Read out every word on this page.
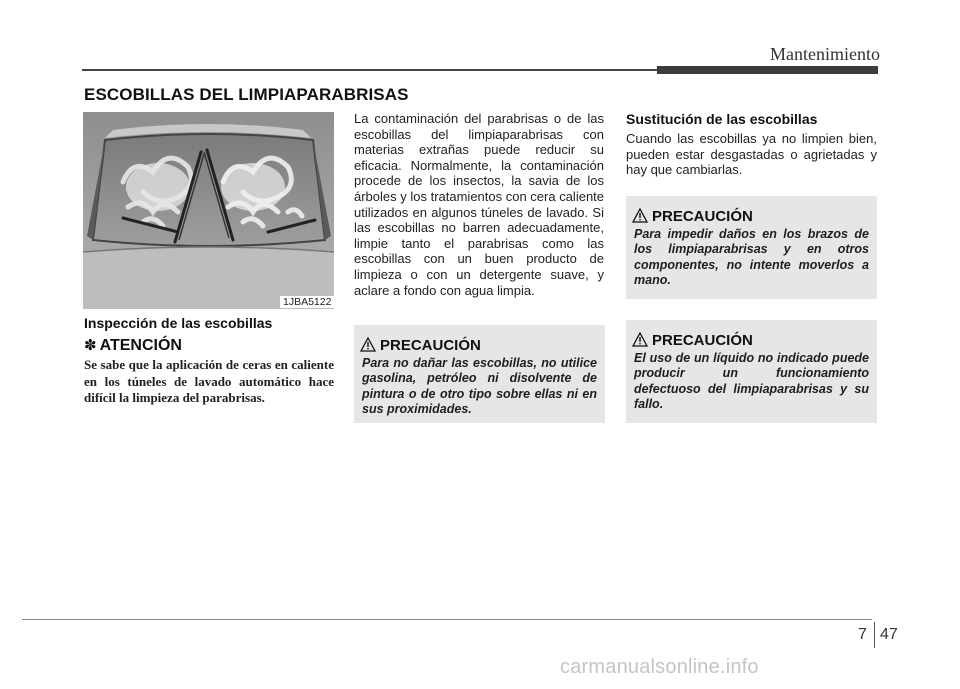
Mantenimiento
ESCOBILLAS DEL LIMPIAPARABRISAS
1JBA5122
Inspección de las escobillas
✽ ATENCIÓN
Se sabe que la aplicación de ceras en caliente en los túneles de lavado automático hace difícil la limpieza del parabrisas.
La contaminación del parabrisas o de las escobillas del limpiaparabrisas con materias extrañas puede reducir su eficacia. Normalmente, la contaminación procede de los insectos, la savia de los árboles y los tratamientos con cera caliente utilizados en algunos túneles de lavado. Si las escobillas no barren adecuadamente, limpie tanto el parabrisas como las escobillas con un buen producto de limpieza o con un detergente suave, y aclare a fondo con agua limpia.
PRECAUCIÓN
Para no dañar las escobillas, no utilice gasolina, petróleo ni disolvente de pintura o de otro tipo sobre ellas ni en sus proximidades.
Sustitución de las escobillas
Cuando las escobillas ya no limpien bien, pueden estar desgastadas o agrietadas y hay que cambiarlas.
PRECAUCIÓN
Para impedir daños en los brazos de los limpiaparabrisas y en otros componentes, no intente moverlos a mano.
PRECAUCIÓN
El uso de un líquido no indicado puede producir un funcionamiento defectuoso del limpiaparabrisas y su fallo.
7 47
carmanualsonline.info
